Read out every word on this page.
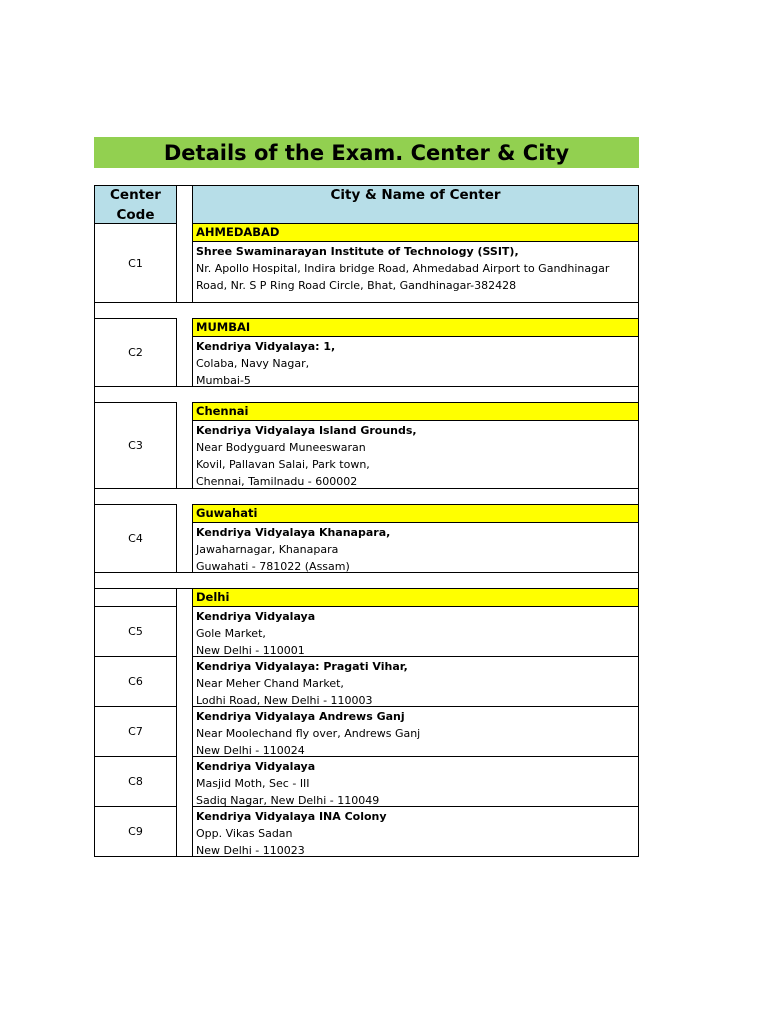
Details of the Exam. Center & City
Center
Code
City & Name of Center
AHMEDABAD
C1
Shree Swaminarayan Institute of Technology (SSIT),
Nr. Apollo Hospital, Indira bridge Road, Ahmedabad Airport to Gandhinagar
Road, Nr. S P Ring Road Circle, Bhat, Gandhinagar-382428
MUMBAI
C2	Kendriya Vidyalaya: 1,
Colaba, Navy Nagar,
Mumbai-5
Chennai
C3
Kendriya Vidyalaya Island Grounds,
Near Bodyguard Muneeswaran
Kovil, Pallavan Salai, Park town,
Chennai, Tamilnadu - 600002
Guwahati
C4	Kendriya Vidyalaya Khanapara,
Jawaharnagar, Khanapara
Guwahati - 781022 (Assam)
Delhi
C5
Kendriya Vidyalaya
Gole Market,
New Delhi - 110001
C6
Kendriya Vidyalaya: Pragati Vihar,
Near Meher Chand Market,
Lodhi Road, New Delhi - 110003
C7
Kendriya Vidyalaya Andrews Ganj
Near Moolechand fly over, Andrews Ganj
New Delhi - 110024
C8
Kendriya Vidyalaya
Masjid Moth, Sec - III
Sadiq Nagar, New Delhi - 110049
C9
Kendriya Vidyalaya INA Colony
Opp. Vikas Sadan
New Delhi - 110023
